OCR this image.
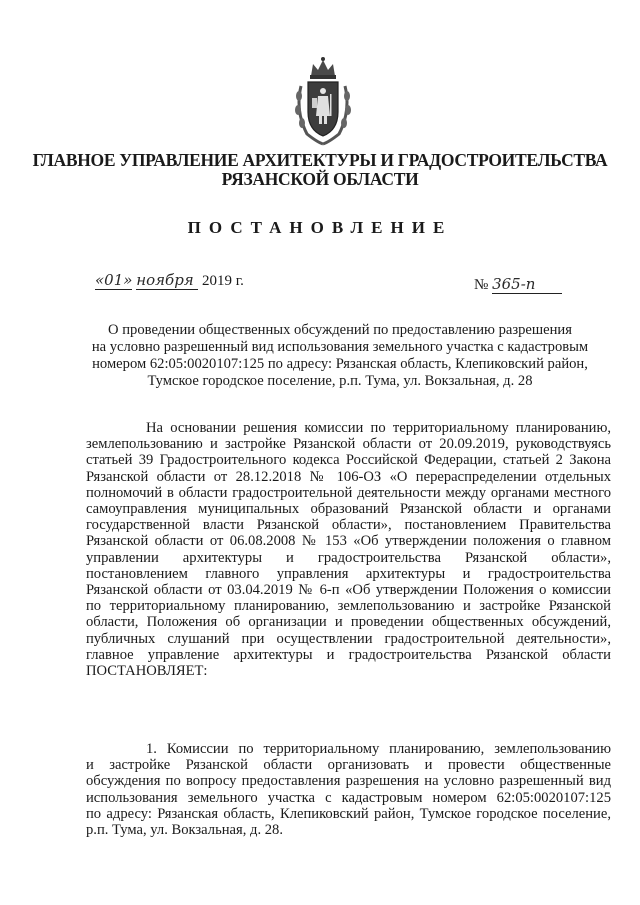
ГЛАВНОЕ УПРАВЛЕНИЕ АРХИТЕКТУРЫ И ГРАДОСТРОИТЕЛЬСТВА
РЯЗАНСКОЙ ОБЛАСТИ
ПОСТАНОВЛЕНИЕ
«01» ноября 2019 г.	№ 365-п
О проведении общественных обсуждений по предоставлению разрешения
на условно разрешенный вид использования земельного участка с кадастровым
номером 62:05:0020107:125 по адресу: Рязанская область, Клепиковский район,
Тумское городское поселение, р.п. Тума, ул. Вокзальная, д. 28
На основании решения комиссии по территориальному планированию,
землепользованию и застройке Рязанской области от 20.09.2019, руководствуясь
статьей 39 Градостроительного кодекса Российской Федерации, статьей 2 Закона
Рязанской области от 28.12.2018 № 106-ОЗ «О перераспределении отдельных
полномочий в области градостроительной деятельности между органами местного
самоуправления муниципальных образований Рязанской области и органами
государственной власти Рязанской области», постановлением Правительства
Рязанской области от 06.08.2008 № 153 «Об утверждении положения о главном
управлении архитектуры и градостроительства Рязанской области»,
постановлением главного управления архитектуры и градостроительства
Рязанской области от 03.04.2019 № 6-п «Об утверждении Положения о комиссии
по территориальному планированию, землепользованию и застройке Рязанской
области, Положения об организации и проведении общественных обсуждений,
публичных слушаний при осуществлении градостроительной деятельности»,
главное управление архитектуры и градостроительства Рязанской области
ПОСТАНОВЛЯЕТ:
1. Комиссии по территориальному планированию, землепользованию
и застройке Рязанской области организовать и провести общественные
обсуждения по вопросу предоставления разрешения на условно разрешенный вид
использования земельного участка с кадастровым номером 62:05:0020107:125
по адресу: Рязанская область, Клепиковский район, Тумское городское поселение,
р.п. Тума, ул. Вокзальная, д. 28.
